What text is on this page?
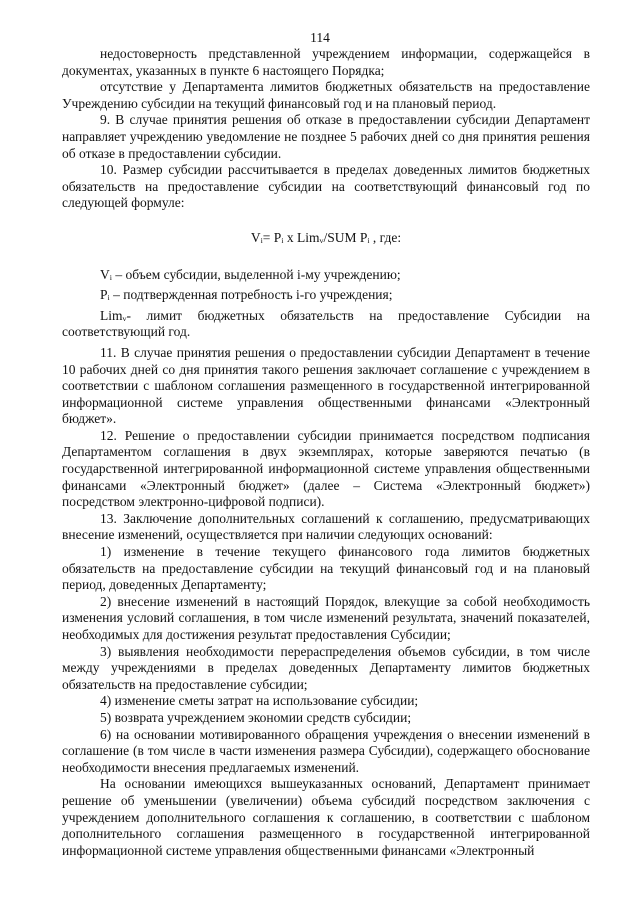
114

недостоверность представленной учреждением информации, содержащейся в документах, указанных в пункте 6 настоящего Порядка;

отсутствие у Департамента лимитов бюджетных обязательств на предоставление Учреждению субсидии на текущий финансовый год и на плановый период.

9. В случае принятия решения об отказе в предоставлении субсидии Департамент направляет учреждению уведомление не позднее 5 рабочих дней со дня принятия решения об отказе в предоставлении субсидии.

10. Размер субсидии рассчитывается в пределах доведенных лимитов бюджетных обязательств на предоставление субсидии на соответствующий финансовый год по следующей формуле:

Vᵢ= Pᵢ x Limᵥ/SUM Pᵢ , где:

Vᵢ – объем субсидии, выделенной i-му учреждению;

Pᵢ – подтвержденная потребность i-го учреждения;

Limᵥ- лимит бюджетных обязательств на предоставление Субсидии на соответствующий год.

11. В случае принятия решения о предоставлении субсидии Департамент в течение 10 рабочих дней со дня принятия такого решения заключает соглашение с учреждением в соответствии с шаблоном соглашения размещенного в государственной интегрированной информационной системе управления общественными финансами «Электронный бюджет».

12. Решение о предоставлении субсидии принимается посредством подписания Департаментом соглашения в двух экземплярах, которые заверяются печатью (в государственной интегрированной информационной системе управления общественными финансами «Электронный бюджет» (далее – Система «Электронный бюджет») посредством электронно-цифровой подписи).

13. Заключение дополнительных соглашений к соглашению, предусматривающих внесение изменений, осуществляется при наличии следующих оснований:

1) изменение в течение текущего финансового года лимитов бюджетных обязательств на предоставление субсидии на текущий финансовый год и на плановый период, доведенных Департаменту;

2) внесение изменений в настоящий Порядок, влекущие за собой необходимость изменения условий соглашения, в том числе изменений результата, значений показателей, необходимых для достижения результат предоставления Субсидии;

3) выявления необходимости перераспределения объемов субсидии, в том числе между учреждениями в пределах доведенных Департаменту лимитов бюджетных обязательств на предоставление субсидии;

4) изменение сметы затрат на использование субсидии;

5) возврата учреждением экономии средств субсидии;

6) на основании мотивированного обращения учреждения о внесении изменений в соглашение (в том числе в части изменения размера Субсидии), содержащего обоснование необходимости внесения предлагаемых изменений.

На основании имеющихся вышеуказанных оснований, Департамент принимает решение об уменьшении (увеличении) объема субсидий посредством заключения с учреждением дополнительного соглашения к соглашению, в соответствии с шаблоном дополнительного соглашения размещенного в государственной интегрированной информационной системе управления общественными финансами «Электронный
